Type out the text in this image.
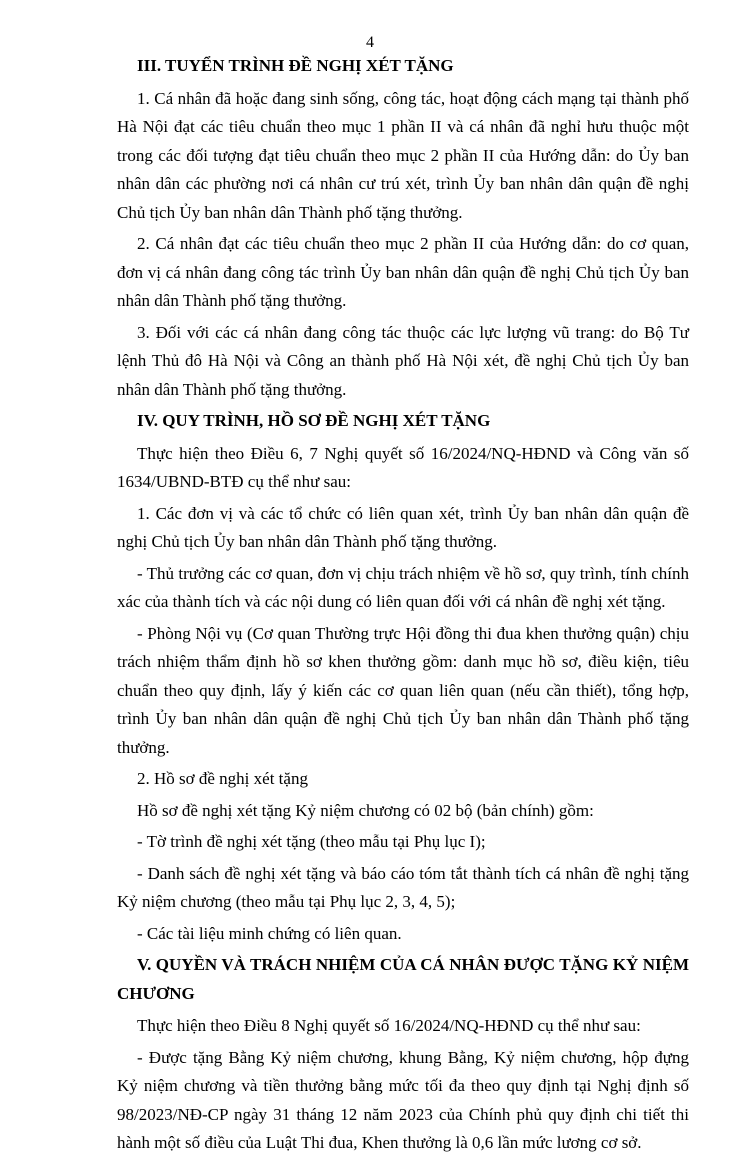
4
III. TUYỂN TRÌNH ĐỀ NGHỊ XÉT TẶNG

1. Cá nhân đã hoặc đang sinh sống, công tác, hoạt động cách mạng tại thành phố Hà Nội đạt các tiêu chuẩn theo mục 1 phần II và cá nhân đã nghỉ hưu thuộc một trong các đối tượng đạt tiêu chuẩn theo mục 2 phần II của Hướng dẫn: do Ủy ban nhân dân các phường nơi cá nhân cư trú xét, trình Ủy ban nhân dân quận đề nghị Chủ tịch Ủy ban nhân dân Thành phố tặng thưởng.

2. Cá nhân đạt các tiêu chuẩn theo mục 2 phần II của Hướng dẫn: do cơ quan, đơn vị cá nhân đang công tác trình Ủy ban nhân dân quận đề nghị Chủ tịch Ủy ban nhân dân Thành phố tặng thưởng.

3. Đối với các cá nhân đang công tác thuộc các lực lượng vũ trang: do Bộ Tư lệnh Thủ đô Hà Nội và Công an thành phố Hà Nội xét, đề nghị Chủ tịch Ủy ban nhân dân Thành phố tặng thưởng.

IV. QUY TRÌNH, HỒ SƠ ĐỀ NGHỊ XÉT TẶNG

Thực hiện theo Điều 6, 7 Nghị quyết số 16/2024/NQ-HĐND và Công văn số 1634/UBND-BTĐ cụ thể như sau:

1. Các đơn vị và các tổ chức có liên quan xét, trình Ủy ban nhân dân quận đề nghị Chủ tịch Ủy ban nhân dân Thành phố tặng thưởng.

- Thủ trưởng các cơ quan, đơn vị chịu trách nhiệm về hồ sơ, quy trình, tính chính xác của thành tích và các nội dung có liên quan đối với cá nhân đề nghị xét tặng.

- Phòng Nội vụ (Cơ quan Thường trực Hội đồng thi đua khen thưởng quận) chịu trách nhiệm thẩm định hồ sơ khen thưởng gồm: danh mục hồ sơ, điều kiện, tiêu chuẩn theo quy định, lấy ý kiến các cơ quan liên quan (nếu cần thiết), tổng hợp, trình Ủy ban nhân dân quận đề nghị Chủ tịch Ủy ban nhân dân Thành phố tặng thưởng.

2. Hồ sơ đề nghị xét tặng

Hồ sơ đề nghị xét tặng Kỷ niệm chương có 02 bộ (bản chính) gồm:

- Tờ trình đề nghị xét tặng (theo mẫu tại Phụ lục I);

- Danh sách đề nghị xét tặng và báo cáo tóm tắt thành tích cá nhân đề nghị tặng Kỷ niệm chương (theo mẫu tại Phụ lục 2, 3, 4, 5);

- Các tài liệu minh chứng có liên quan.

V. QUYỀN VÀ TRÁCH NHIỆM CỦA CÁ NHÂN ĐƯỢC TẶNG KỶ NIỆM CHƯƠNG

Thực hiện theo Điều 8 Nghị quyết số 16/2024/NQ-HĐND cụ thể như sau:

- Được tặng Bằng Kỷ niệm chương, khung Bằng, Kỷ niệm chương, hộp đựng Kỷ niệm chương và tiền thưởng bằng mức tối đa theo quy định tại Nghị định số 98/2023/NĐ-CP ngày 31 tháng 12 năm 2023 của Chính phủ quy định chi tiết thi hành một số điều của Luật Thi đua, Khen thưởng là 0,6 lần mức lương cơ sở.
